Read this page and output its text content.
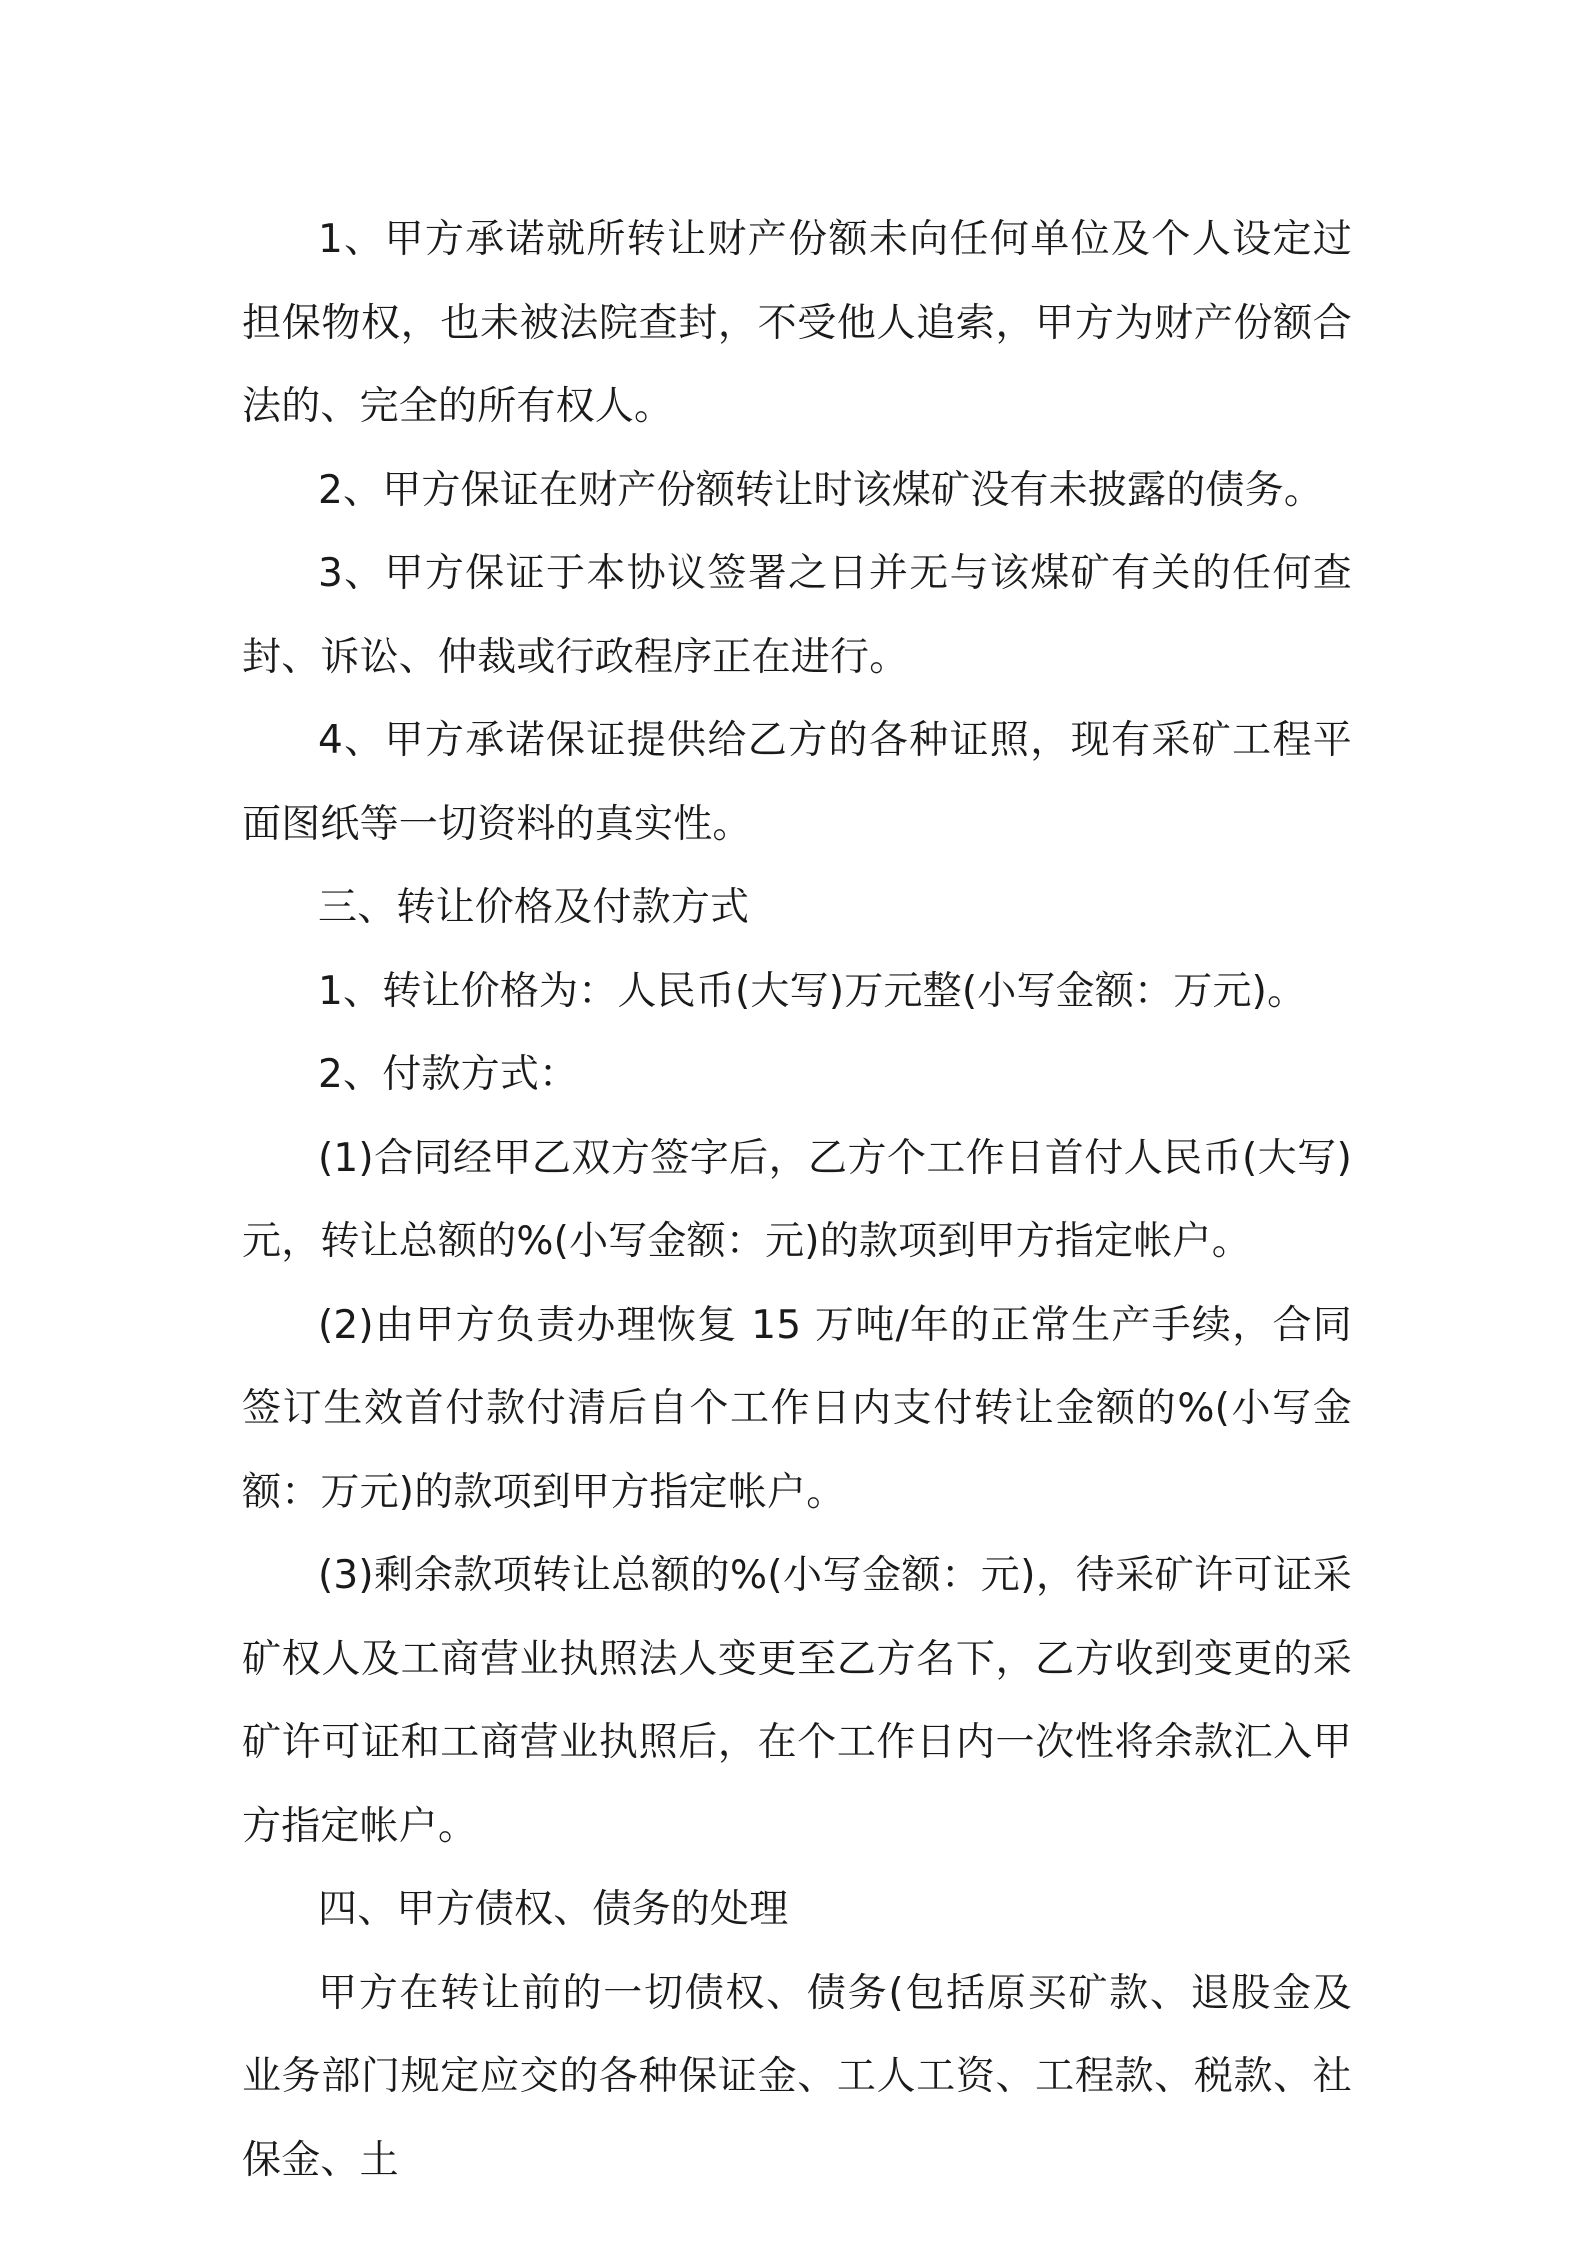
1、甲方承诺就所转让财产份额未向任何单位及个人设定过担保物权，也未被法院查封，不受他人追索，甲方为财产份额合法的、完全的所有权人。

2、甲方保证在财产份额转让时该煤矿没有未披露的债务。

3、甲方保证于本协议签署之日并无与该煤矿有关的任何查封、诉讼、仲裁或行政程序正在进行。

4、甲方承诺保证提供给乙方的各种证照，现有采矿工程平面图纸等一切资料的真实性。

三、转让价格及付款方式

1、转让价格为：人民币(大写)万元整(小写金额：万元)。

2、付款方式：

(1)合同经甲乙双方签字后，乙方个工作日首付人民币(大写)元，转让总额的%(小写金额：元)的款项到甲方指定帐户。

(2)由甲方负责办理恢复 15 万吨/年的正常生产手续，合同签订生效首付款付清后自个工作日内支付转让金额的%(小写金额：万元)的款项到甲方指定帐户。

(3)剩余款项转让总额的%(小写金额：元)，待采矿许可证采矿权人及工商营业执照法人变更至乙方名下，乙方收到变更的采矿许可证和工商营业执照后，在个工作日内一次性将余款汇入甲方指定帐户。

四、甲方债权、债务的处理

甲方在转让前的一切债权、债务(包括原买矿款、退股金及业务部门规定应交的各种保证金、工人工资、工程款、税款、社保金、土
